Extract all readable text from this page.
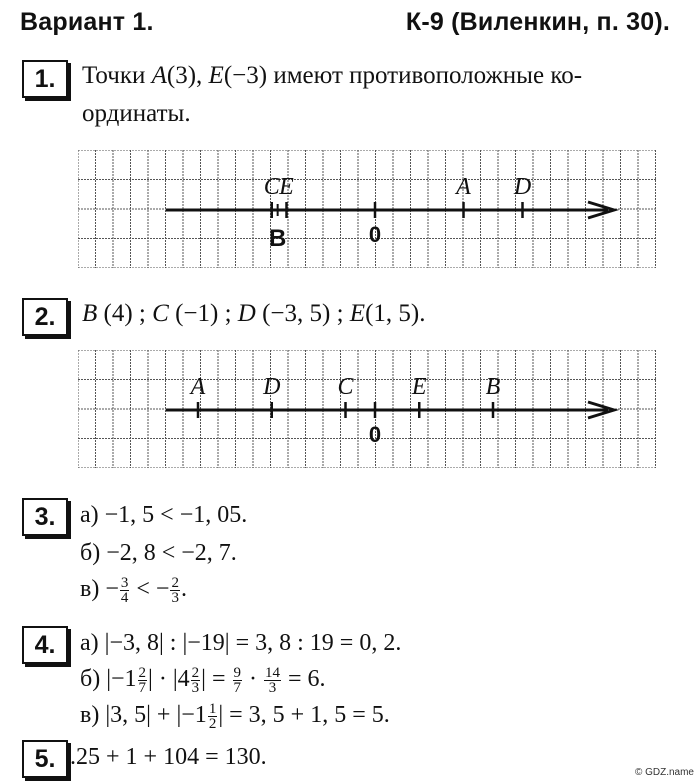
Вариант 1.	К-9 (Виленкин, п. 30).
1.	Точки A(3), E(−3) имеют противоположные ко-
ординаты.
0
C E
B
A D
2.	B (4) ; C (−1) ; D (−3, 5) ; E(1, 5).
0
A D C E B
3.	а) −1, 5 < −1, 05.
б) −2, 8 < −2, 7.
$в) - \frac{3}{4}$ < − $\frac{2}{3}$ .
4.	а) |−3, 8| : |−19| = 3, 8 : 19 = 0, 2.
б) $|-1 \frac{2}{7}$ | · $|4 \frac{2}{3}$ | = $\frac{9}{7} \cdot \frac{14}{3} = 6$.
в) |3, $5| + |-1 \frac{1}{2}$ | = 3, 5 + 1, 5 = 5.
5. .25 + 1 + 104 = 130.
© GDZ.name
